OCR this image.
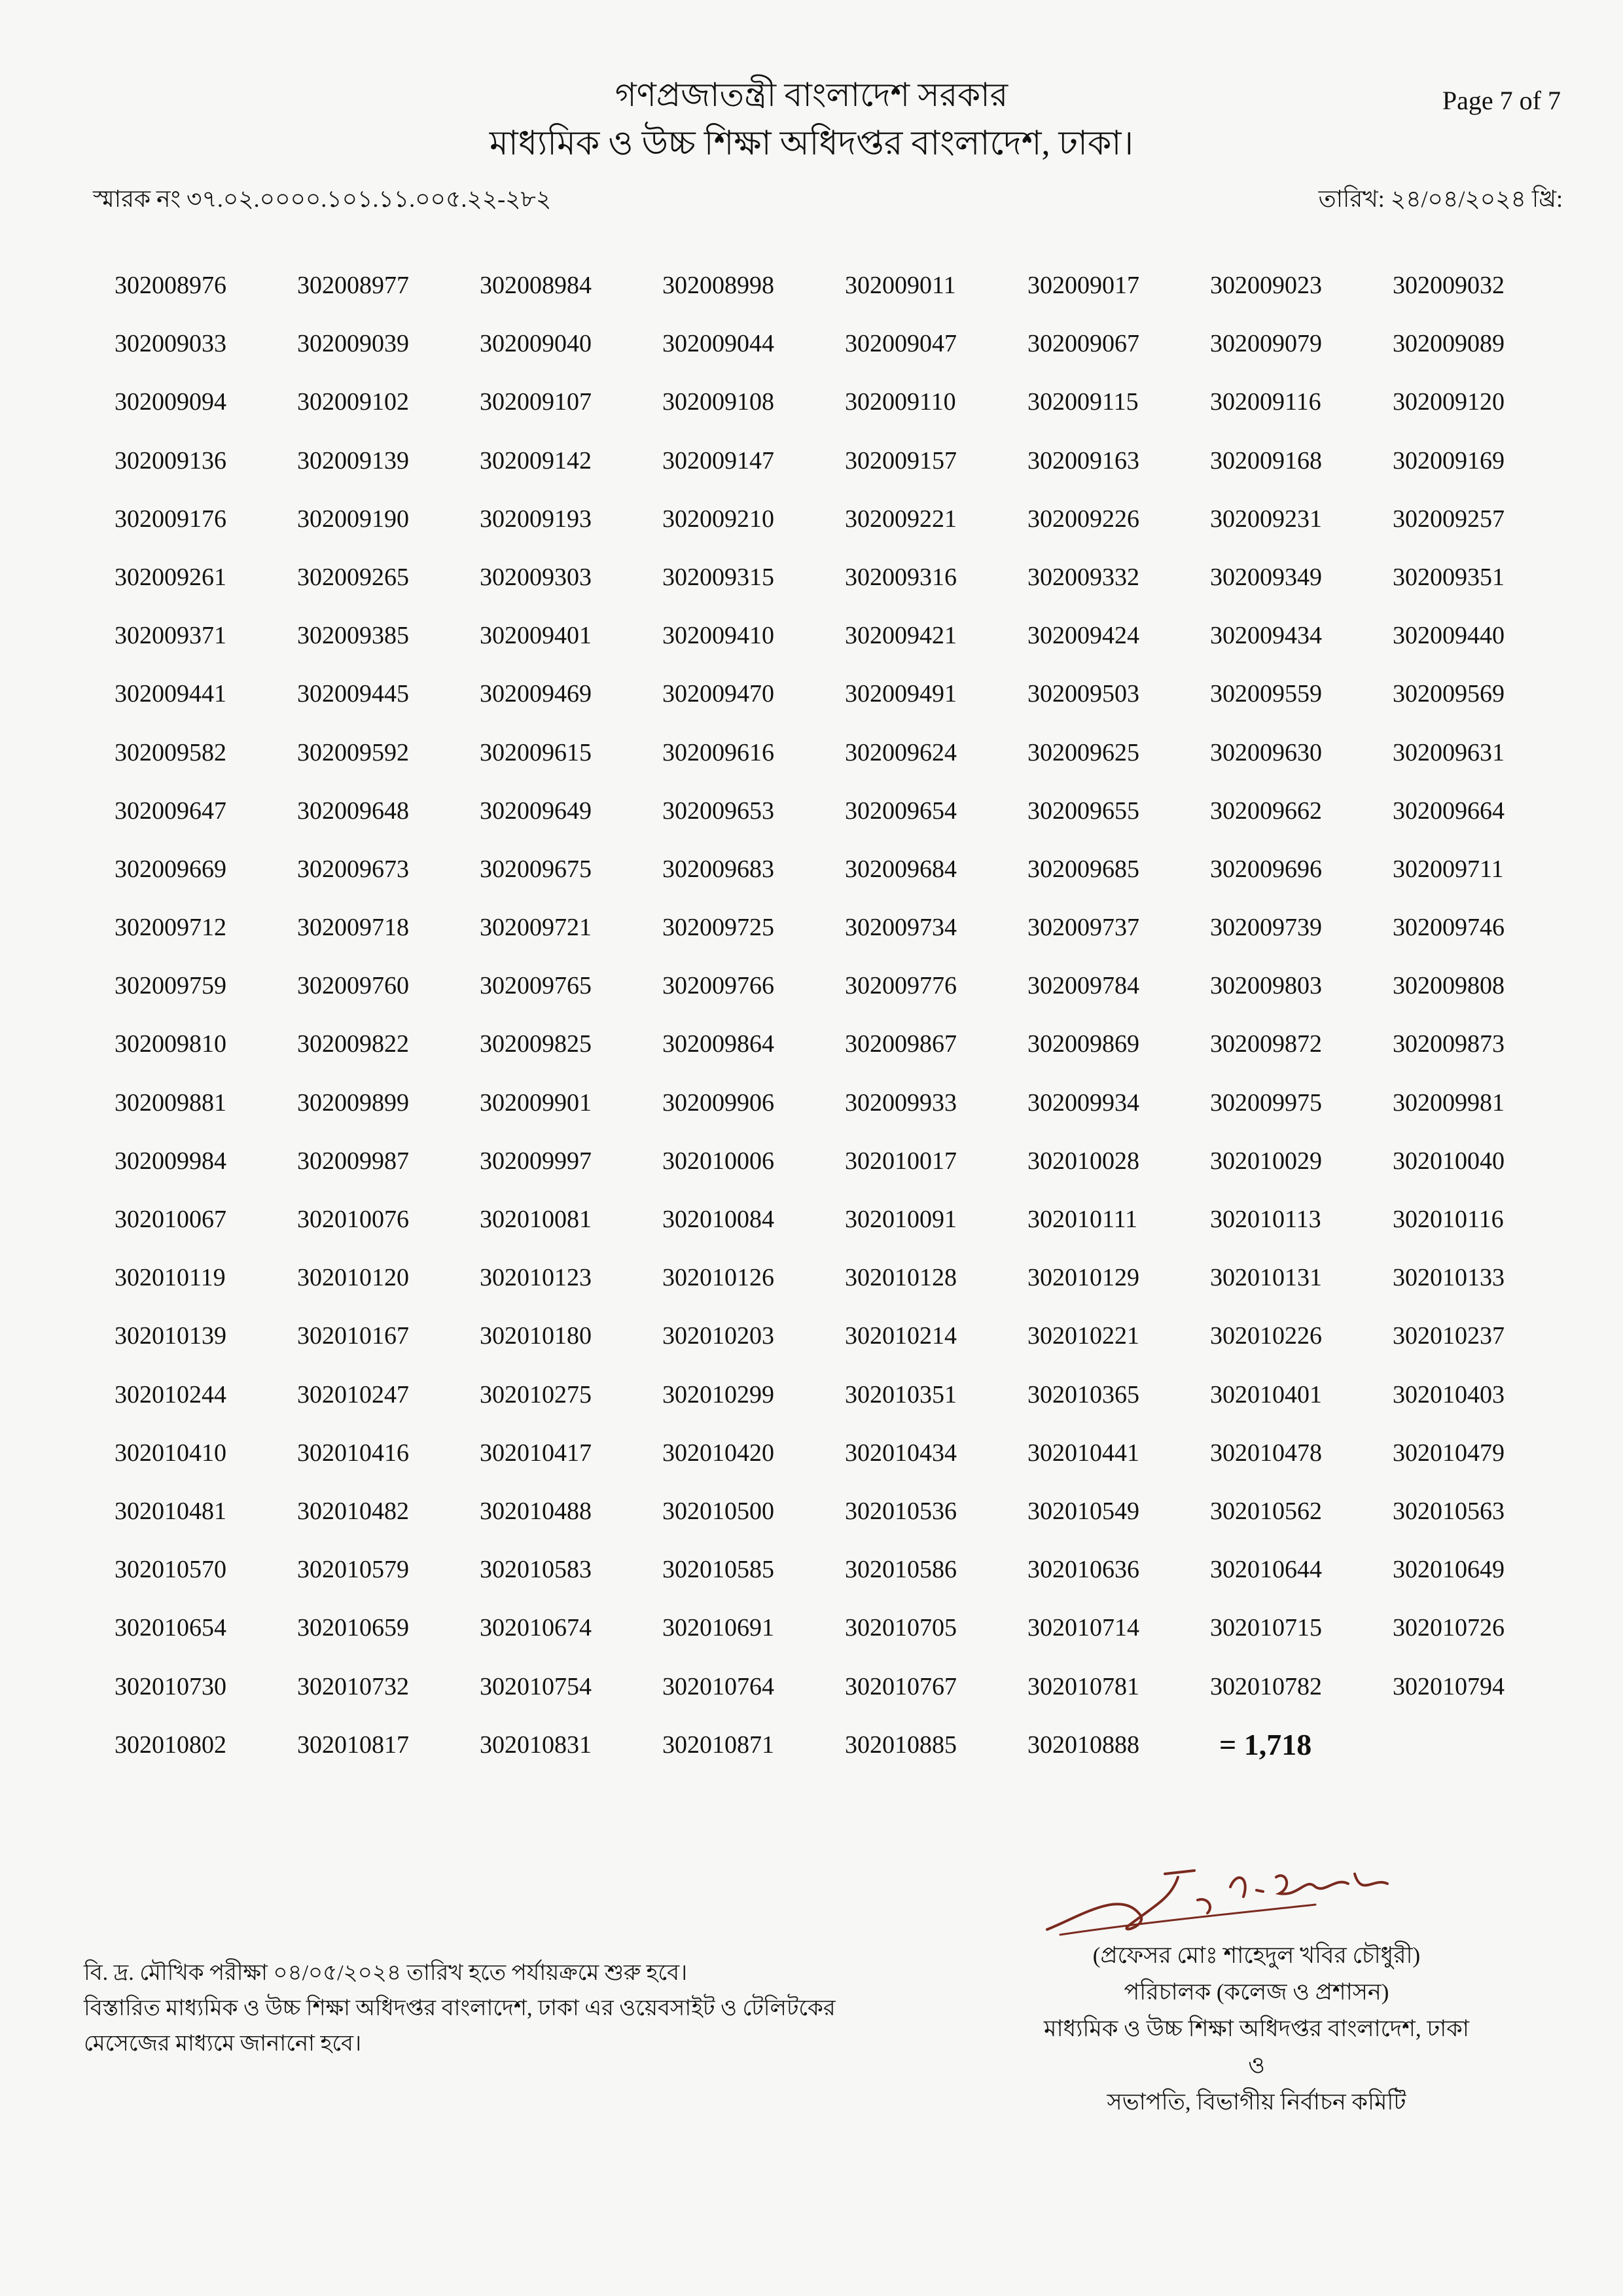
গণপ্রজাতন্ত্রী বাংলাদেশ সরকার
মাধ্যমিক ও উচ্চ শিক্ষা অধিদপ্তর বাংলাদেশ, ঢাকা।
Page 7 of 7
স্মারক নং ৩৭.০২.০০০০.১০১.১১.০০৫.২২-২৮২	তারিখ: ২৪/০৪/২০২৪ খ্রি:
302008976	302008977	302008984	302008998	302009011	302009017	302009023	302009032
302009033	302009039	302009040	302009044	302009047	302009067	302009079	302009089
302009094	302009102	302009107	302009108	302009110	302009115	302009116	302009120
302009136	302009139	302009142	302009147	302009157	302009163	302009168	302009169
302009176	302009190	302009193	302009210	302009221	302009226	302009231	302009257
302009261	302009265	302009303	302009315	302009316	302009332	302009349	302009351
302009371	302009385	302009401	302009410	302009421	302009424	302009434	302009440
302009441	302009445	302009469	302009470	302009491	302009503	302009559	302009569
302009582	302009592	302009615	302009616	302009624	302009625	302009630	302009631
302009647	302009648	302009649	302009653	302009654	302009655	302009662	302009664
302009669	302009673	302009675	302009683	302009684	302009685	302009696	302009711
302009712	302009718	302009721	302009725	302009734	302009737	302009739	302009746
302009759	302009760	302009765	302009766	302009776	302009784	302009803	302009808
302009810	302009822	302009825	302009864	302009867	302009869	302009872	302009873
302009881	302009899	302009901	302009906	302009933	302009934	302009975	302009981
302009984	302009987	302009997	302010006	302010017	302010028	302010029	302010040
302010067	302010076	302010081	302010084	302010091	302010111	302010113	302010116
302010119	302010120	302010123	302010126	302010128	302010129	302010131	302010133
302010139	302010167	302010180	302010203	302010214	302010221	302010226	302010237
302010244	302010247	302010275	302010299	302010351	302010365	302010401	302010403
302010410	302010416	302010417	302010420	302010434	302010441	302010478	302010479
302010481	302010482	302010488	302010500	302010536	302010549	302010562	302010563
302010570	302010579	302010583	302010585	302010586	302010636	302010644	302010649
302010654	302010659	302010674	302010691	302010705	302010714	302010715	302010726
302010730	302010732	302010754	302010764	302010767	302010781	302010782	302010794
302010802	302010817	302010831	302010871	302010885	302010888	= 1,718
বি. দ্র. মৌখিক পরীক্ষা ০৪/০৫/২০২৪ তারিখ হতে পর্যায়ক্রমে শুরু হবে।
বিস্তারিত মাধ্যমিক ও উচ্চ শিক্ষা অধিদপ্তর বাংলাদেশ, ঢাকা এর ওয়েবসাইট ও টেলিটকের
মেসেজের মাধ্যমে জানানো হবে।
(প্রফেসর মোঃ শাহেদুল খবির চৌধুরী)
পরিচালক (কলেজ ও প্রশাসন)
মাধ্যমিক ও উচ্চ শিক্ষা অধিদপ্তর বাংলাদেশ, ঢাকা
ও
সভাপতি, বিভাগীয় নির্বাচন কমিটি
